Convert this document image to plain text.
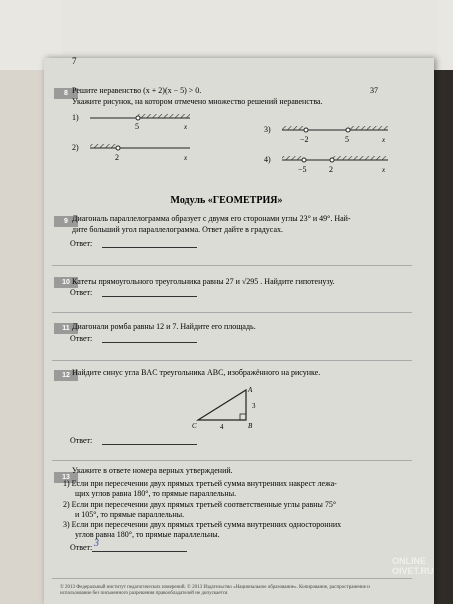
7
37
8 Решите неравенство (x + 2)(x − 5) > 0.
Укажите рисунок, на котором отмечено множество решений неравенства.
1)
5	x
2)
2	x
3)
−2	5	x
4)
−5	2	x
Модуль «ГЕОМЕТРИЯ»
9 Диагональ параллелограмма образует с двумя его сторонами углы 23° и 49°. Най-
дите больший угол параллелограмма. Ответ дайте в градусах.
Ответ:
10 Катеты прямоугольного треугольника равны 27 и √295 . Найдите гипотенузу.
Ответ:
11 Диагонали ромба равны 12 и 7. Найдите его площадь.
Ответ:
12 Найдите синус угла BAC треугольника ABC, изображённого на рисунке.
A
B
C	4
3
Ответ:
13
Укажите в ответе номера верных утверждений.
1) Если при пересечении двух прямых третьей сумма внутренних накрест лежа-
щих углов равна 180°, то прямые параллельны.
2) Если при пересечении двух прямых третьей соответственные углы равны 75°
и 105°, то прямые параллельны.
3) Если при пересечении двух прямых третьей сумма внутренних односторонних
углов равна 180°, то прямые параллельны.
Ответ: 3
© 2013 Федеральный институт педагогических измерений. © 2013 Издательство «Национальное образование». Копирование, распространение и использование без письменного разрешения правообладателей не допускается
ONLINE OIVET.RU
